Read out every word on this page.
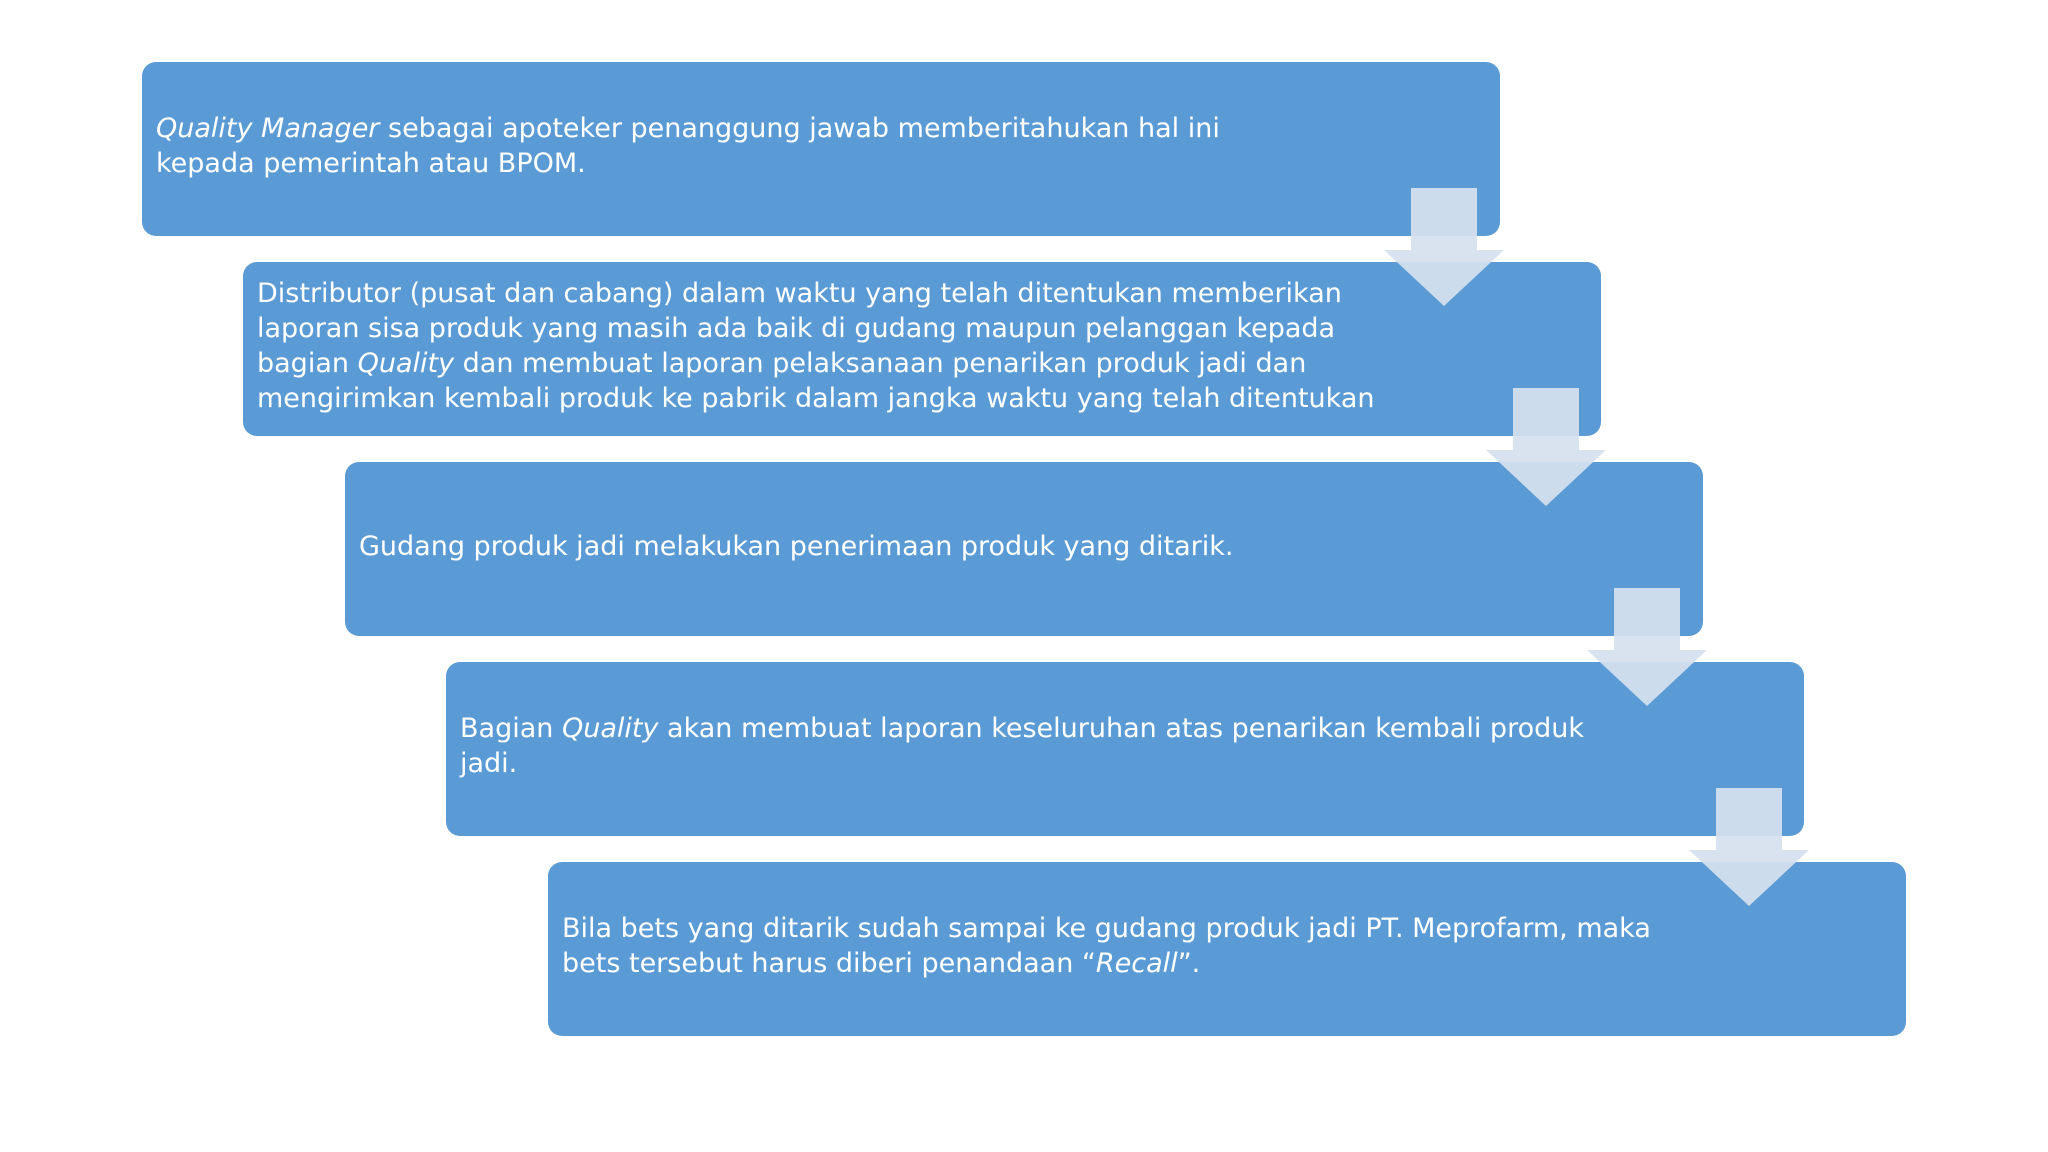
Quality Manager sebagai apoteker penanggung jawab memberitahukan hal ini kepada pemerintah atau BPOM.
Distributor (pusat dan cabang) dalam waktu yang telah ditentukan memberikan laporan sisa produk yang masih ada baik di gudang maupun pelanggan kepada bagian Quality dan membuat laporan pelaksanaan penarikan produk jadi dan mengirimkan kembali produk ke pabrik dalam jangka waktu yang telah ditentukan
Gudang produk jadi melakukan penerimaan produk yang ditarik.
Bagian Quality akan membuat laporan keseluruhan atas penarikan kembali produk jadi.
Bila bets yang ditarik sudah sampai ke gudang produk jadi PT. Meprofarm, maka bets tersebut harus diberi penandaan “Recall”.
